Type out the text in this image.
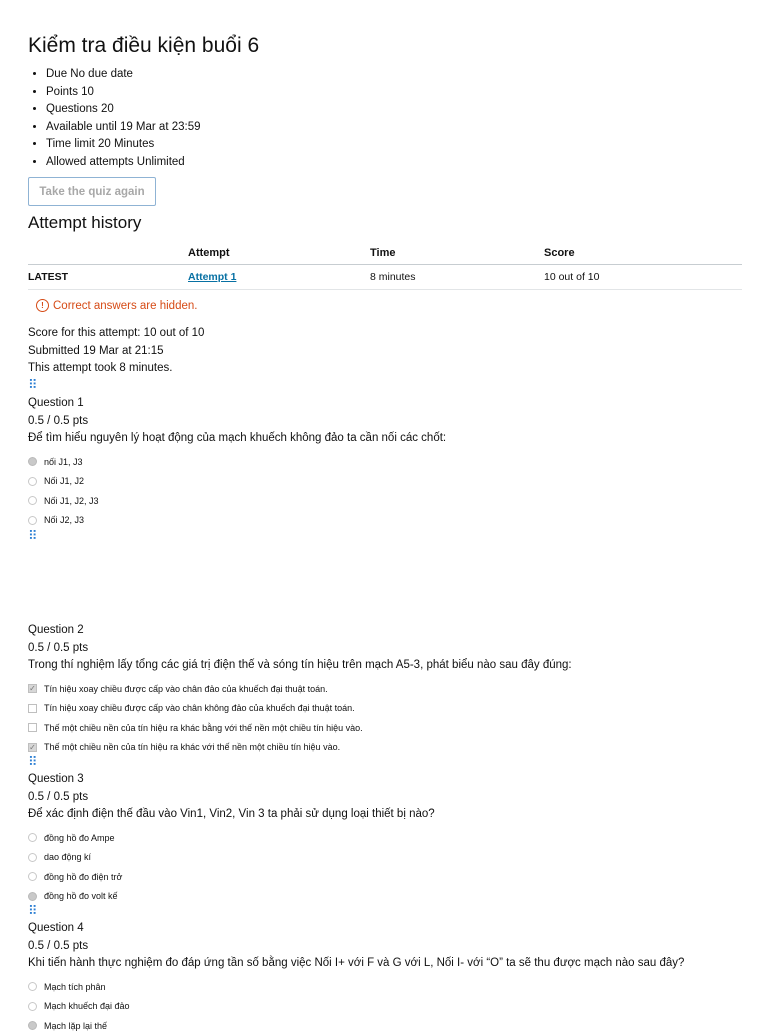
Kiểm tra điều kiện buổi 6
• Due No due date
• Points 10
• Questions 20
• Available until 19 Mar at 23:59
• Time limit 20 Minutes
• Allowed attempts Unlimited
Take the quiz again
Attempt history
	Attempt	Time	Score
LATEST	Attempt 1	8 minutes	10 out of 10
! Correct answers are hidden.
Score for this attempt: 10 out of 10
Submitted 19 Mar at 21:15
This attempt took 8 minutes.
⠿
Question 1
0.5 / 0.5 pts
Để tìm hiểu nguyên lý hoạt động của mạch khuếch không đảo ta cần nối các chốt:
nối J1, J3
Nối J1, J2
Nối J1, J2, J3
Nối J2, J3
⠿
Question 2
0.5 / 0.5 pts
Trong thí nghiệm lấy tổng các giá trị điện thế và sóng tín hiệu trên mạch A5-3, phát biểu nào sau đây đúng:
✓ Tín hiệu xoay chiều được cấp vào chân đảo của khuếch đại thuật toán.
Tín hiệu xoay chiều được cấp vào chân không đảo của khuếch đại thuật toán.
Thế một chiều nền của tín hiệu ra khác bằng với thế nền một chiều tín hiệu vào.
✓ Thế một chiều nền của tín hiệu ra khác với thế nền một chiều tín hiệu vào.
⠿
Question 3
0.5 / 0.5 pts
Để xác định điện thế đầu vào Vin1, Vin2, Vin 3 ta phải sử dụng loại thiết bị nào?
đồng hồ đo Ampe
dao động kí
đồng hồ đo điện trở
đồng hồ đo volt kế
⠿
Question 4
0.5 / 0.5 pts
Khi tiến hành thực nghiệm đo đáp ứng tần số bằng việc Nối I+ với F và G với L, Nối I- với “O” ta sẽ thu được mạch nào sau đây?
Mạch tích phân
Mạch khuếch đại đảo
Mạch lặp lại thế
